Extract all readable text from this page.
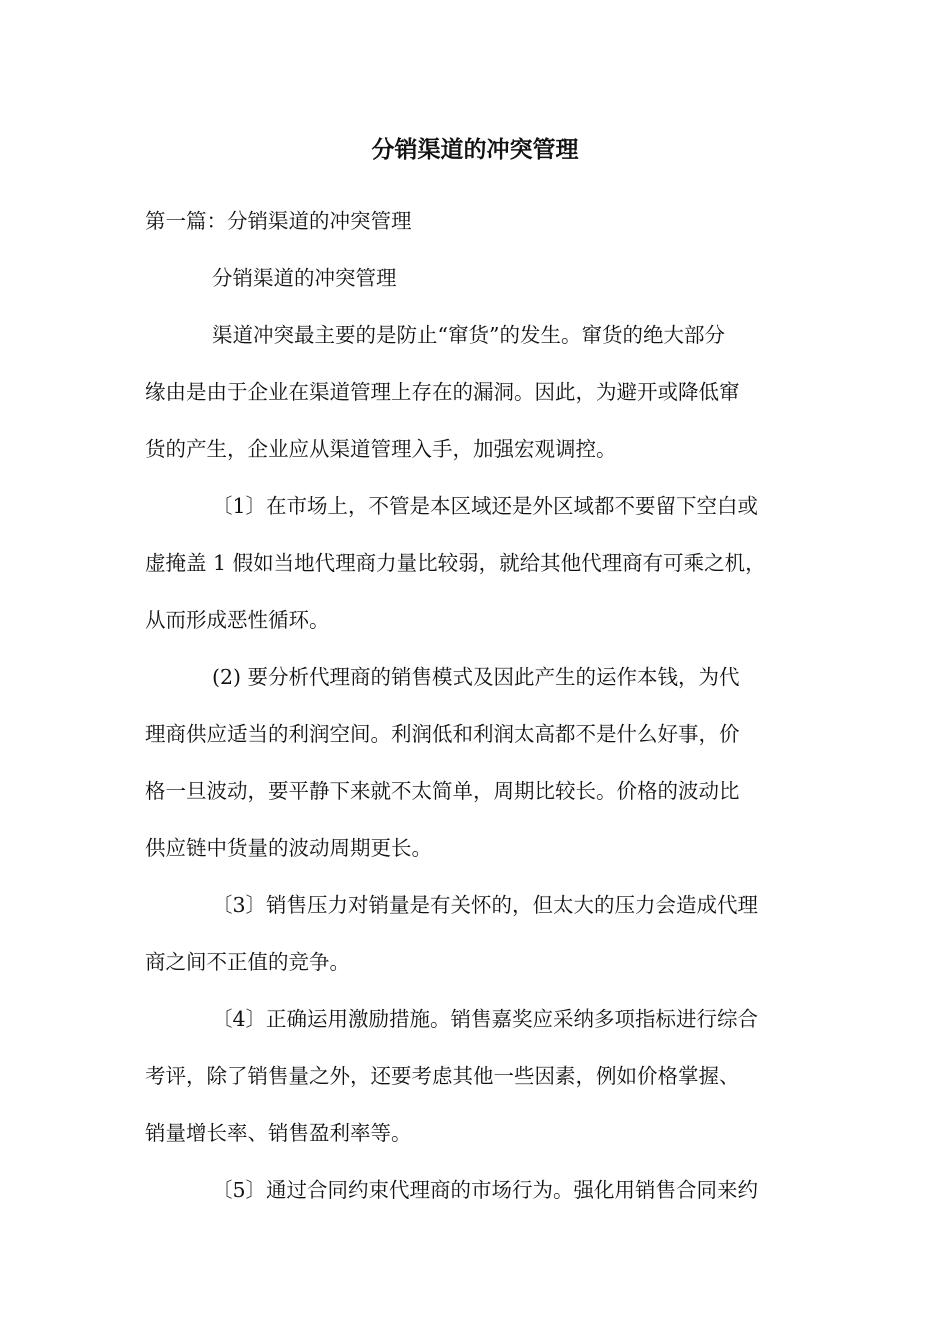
分销渠道的冲突管理

第一篇：分销渠道的冲突管理

分销渠道的冲突管理

渠道冲突最主要的是防止“窜货”的发生。窜货的绝大部分

缘由是由于企业在渠道管理上存在的漏洞。因此，为避开或降低窜

货的产生，企业应从渠道管理入手，加强宏观调控。

〔1〕在市场上，不管是本区域还是外区域都不要留下空白或

虚掩盖 1 假如当地代理商力量比较弱，就给其他代理商有可乘之机，

从而形成恶性循环。

(2) 要分析代理商的销售模式及因此产生的运作本钱，为代

理商供应适当的利润空间。利润低和利润太高都不是什么好事，价

格一旦波动，要平静下来就不太简单，周期比较长。价格的波动比

供应链中货量的波动周期更长。

〔3〕销售压力对销量是有关怀的，但太大的压力会造成代理

商之间不正值的竞争。

〔4〕正确运用激励措施。销售嘉奖应采纳多项指标进行综合

考评，除了销售量之外，还要考虑其他一些因素，例如价格掌握、

销量增长率、销售盈利率等。

〔5〕通过合同约束代理商的市场行为。强化用销售合同来约
